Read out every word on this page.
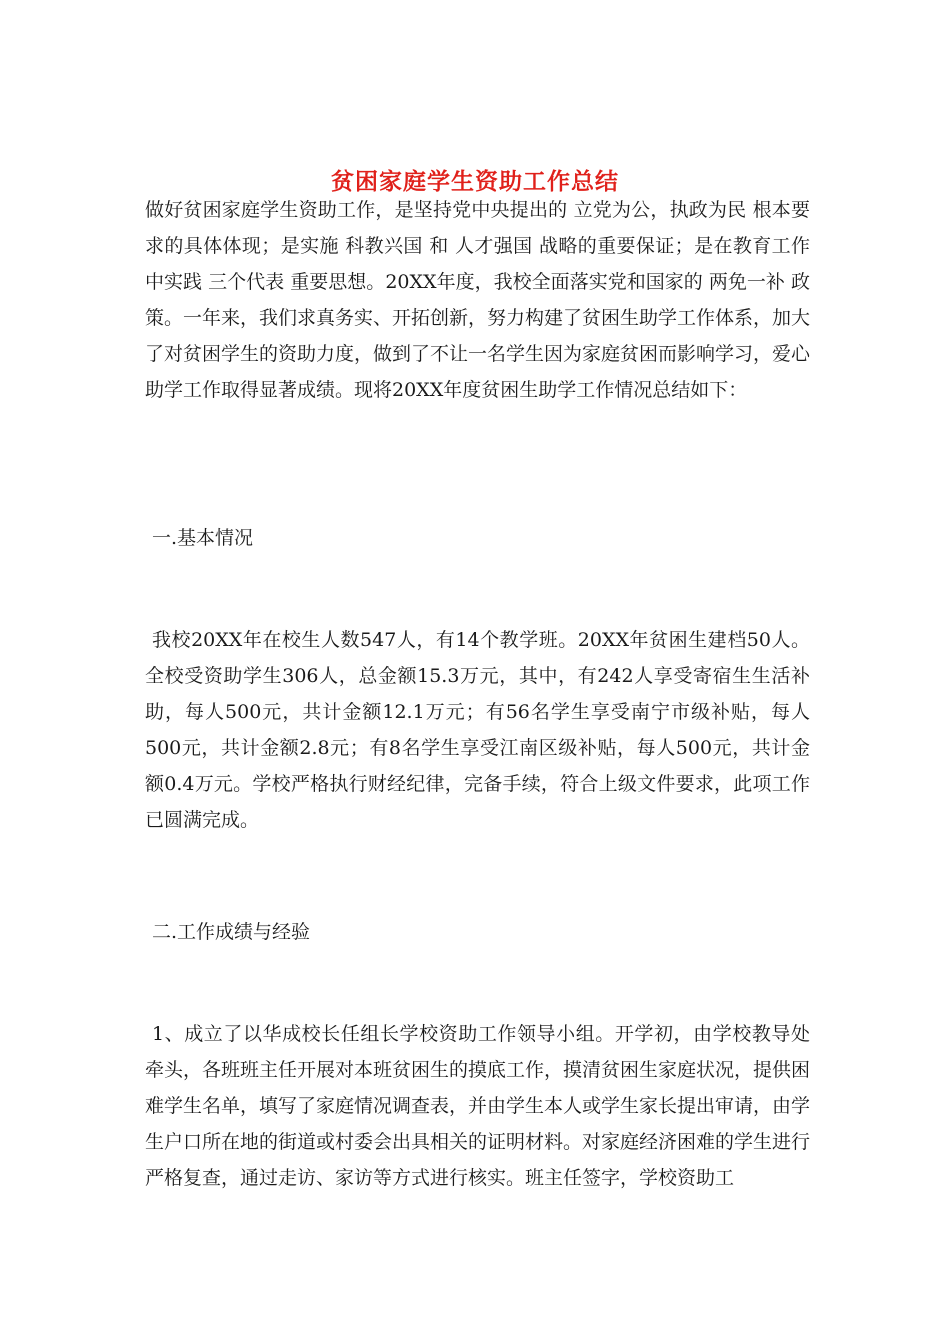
贫困家庭学生资助工作总结

做好贫困家庭学生资助工作，是坚持党中央提出的 立党为公，执政为民 根本要求的具体体现；是实施 科教兴国 和 人才强国 战略的重要保证；是在教育工作中实践 三个代表 重要思想。20XX年度，我校全面落实党和国家的 两免一补 政策。一年来，我们求真务实、开拓创新，努力构建了贫困生助学工作体系，加大了对贫困学生的资助力度，做到了不让一名学生因为家庭贫困而影响学习，爱心助学工作取得显著成绩。现将20XX年度贫困生助学工作情况总结如下：

一.基本情况

我校20XX年在校生人数547人，有14个教学班。20XX年贫困生建档50人。全校受资助学生306人，总金额15.3万元，其中，有242人享受寄宿生生活补助，每人500元，共计金额12.1万元；有56名学生享受南宁市级补贴，每人500元，共计金额2.8元；有8名学生享受江南区级补贴，每人500元，共计金额0.4万元。学校严格执行财经纪律，完备手续，符合上级文件要求，此项工作已圆满完成。

二.工作成绩与经验

1、成立了以华成校长任组长学校资助工作领导小组。开学初，由学校教导处牵头，各班班主任开展对本班贫困生的摸底工作，摸清贫困生家庭状况，提供困难学生名单，填写了家庭情况调查表，并由学生本人或学生家长提出审请，由学生户口所在地的街道或村委会出具相关的证明材料。对家庭经济困难的学生进行严格复查，通过走访、家访等方式进行核实。班主任签字，学校资助工
